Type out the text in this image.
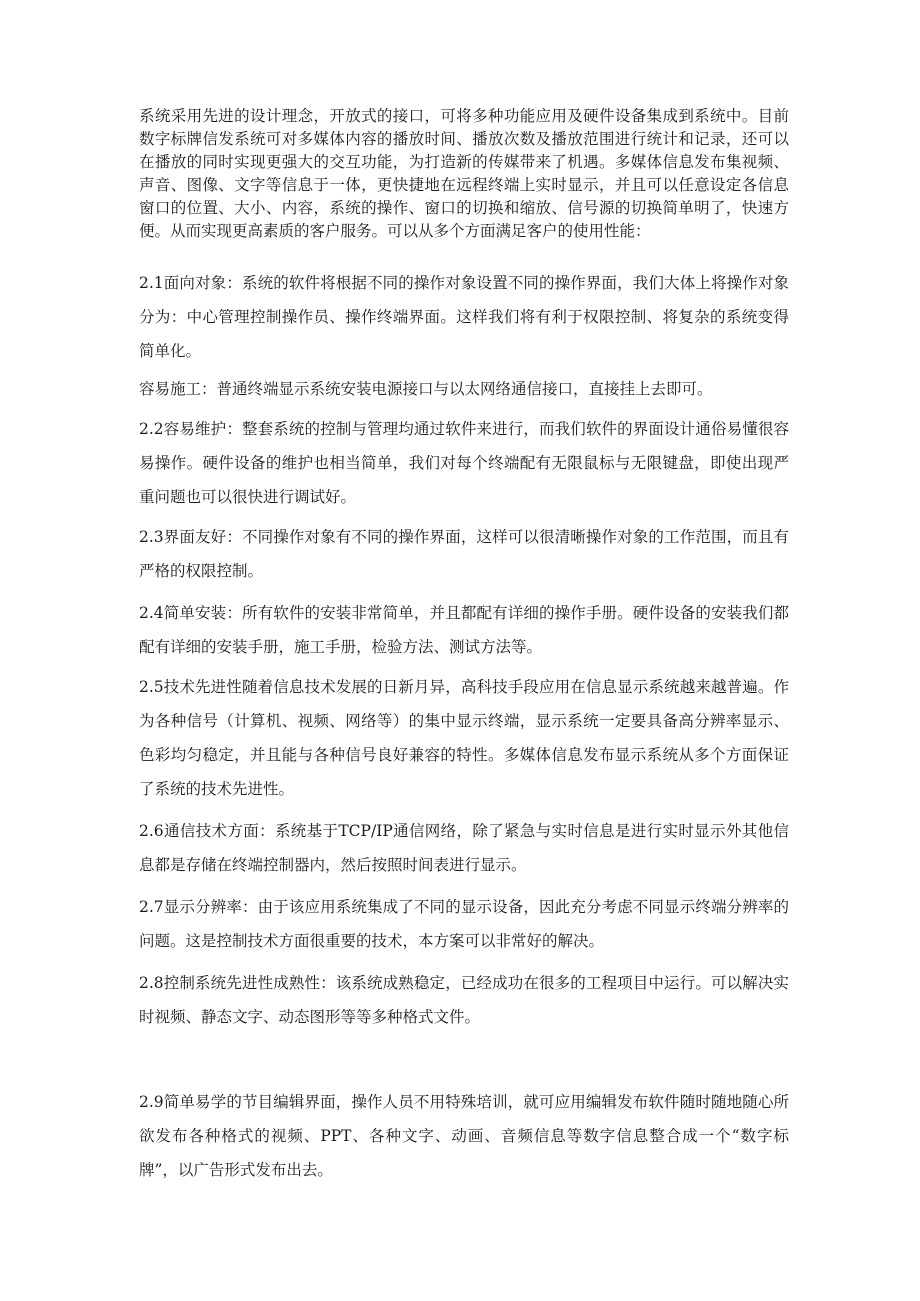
系统采用先进的设计理念，开放式的接口，可将多种功能应用及硬件设备集成到系统中。目前数字标牌信发系统可对多媒体内容的播放时间、播放次数及播放范围进行统计和记录，还可以在播放的同时实现更强大的交互功能，为打造新的传媒带来了机遇。多媒体信息发布集视频、声音、图像、文字等信息于一体，更快捷地在远程终端上实时显示，并且可以任意设定各信息窗口的位置、大小、内容，系统的操作、窗口的切换和缩放、信号源的切换简单明了，快速方便。从而实现更高素质的客户服务。可以从多个方面满足客户的使用性能：

2.1面向对象：系统的软件将根据不同的操作对象设置不同的操作界面，我们大体上将操作对象分为：中心管理控制操作员、操作终端界面。这样我们将有利于权限控制、将复杂的系统变得简单化。

容易施工：普通终端显示系统安装电源接口与以太网络通信接口，直接挂上去即可。

2.2容易维护：整套系统的控制与管理均通过软件来进行，而我们软件的界面设计通俗易懂很容易操作。硬件设备的维护也相当简单，我们对每个终端配有无限鼠标与无限键盘，即使出现严重问题也可以很快进行调试好。

2.3界面友好：不同操作对象有不同的操作界面，这样可以很清晰操作对象的工作范围，而且有严格的权限控制。

2.4简单安装：所有软件的安装非常简单，并且都配有详细的操作手册。硬件设备的安装我们都配有详细的安装手册，施工手册，检验方法、测试方法等。

2.5技术先进性随着信息技术发展的日新月异，高科技手段应用在信息显示系统越来越普遍。作为各种信号（计算机、视频、网络等）的集中显示终端，显示系统一定要具备高分辨率显示、色彩均匀稳定，并且能与各种信号良好兼容的特性。多媒体信息发布显示系统从多个方面保证了系统的技术先进性。

2.6通信技术方面：系统基于TCP/IP通信网络，除了紧急与实时信息是进行实时显示外其他信息都是存储在终端控制器内，然后按照时间表进行显示。

2.7显示分辨率：由于该应用系统集成了不同的显示设备，因此充分考虑不同显示终端分辨率的问题。这是控制技术方面很重要的技术，本方案可以非常好的解决。

2.8控制系统先进性成熟性：该系统成熟稳定，已经成功在很多的工程项目中运行。可以解决实时视频、静态文字、动态图形等等多种格式文件。

2.9简单易学的节目编辑界面，操作人员不用特殊培训，就可应用编辑发布软件随时随地随心所欲发布各种格式的视频、PPT、各种文字、动画、音频信息等数字信息整合成一个“数字标牌”，以广告形式发布出去。
